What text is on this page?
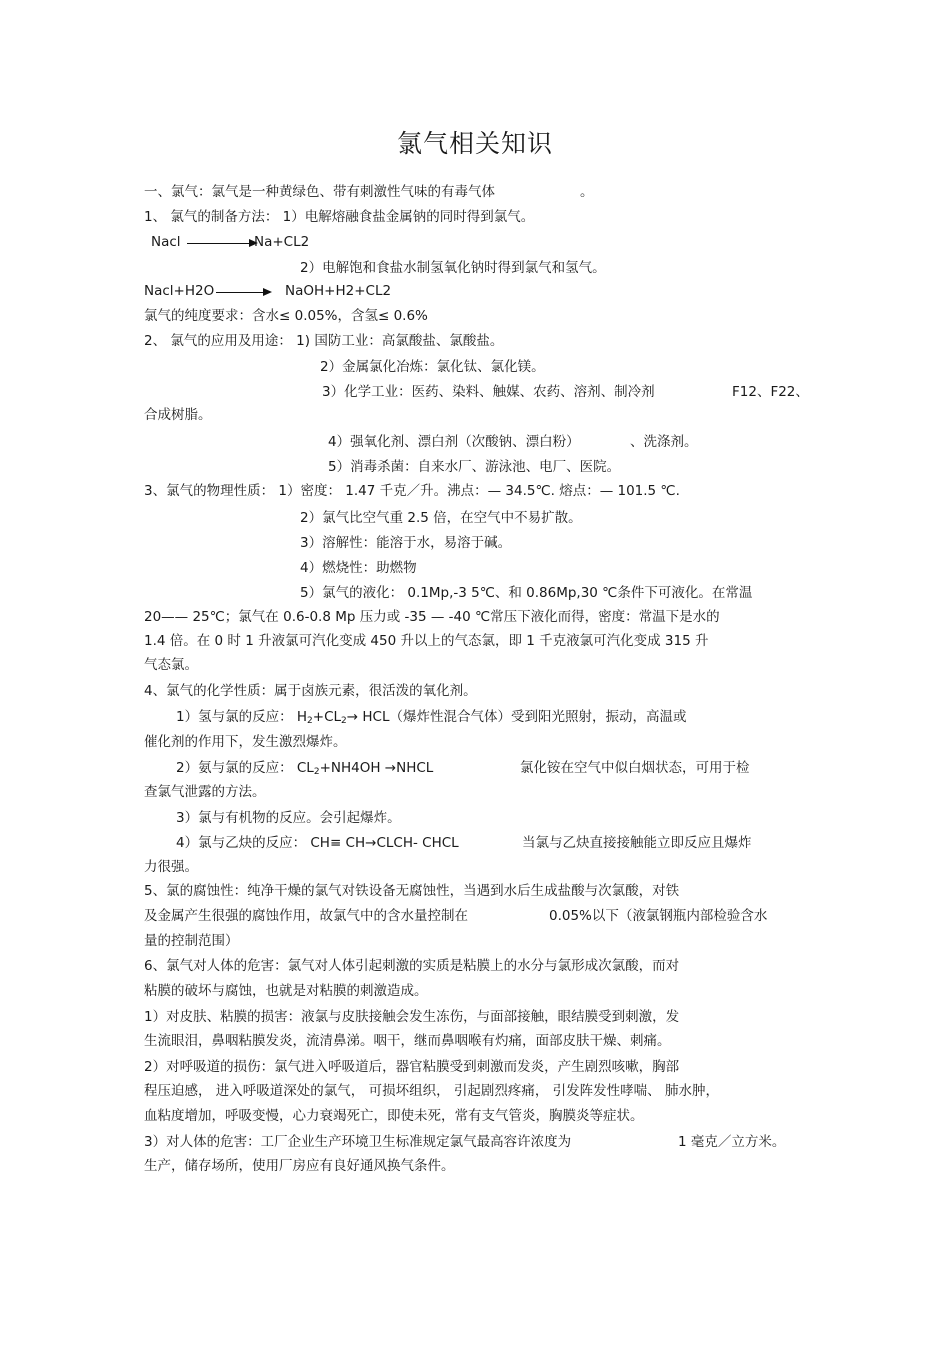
氯气相关知识
一、氯气：氯气是一种黄绿色、带有刺激性气味的有毒气体	。
1、 氯气的制备方法： 1）电解熔融食盐金属钠的同时得到氯气。
Nacl	Na+CL2
2）电解饱和食盐水制氢氧化钠时得到氯气和氢气。
Nacl+H2O → NaOH+H2+CL2
氯气的纯度要求：含水≤ 0.05%，含氢≤ 0.6%
2、 氯气的应用及用途： 1) 国防工业：高氯酸盐、氯酸盐。
2）金属氯化冶炼：氯化钛、氯化镁。
3）化学工业：医药、染料、触媒、农药、溶剂、制冷剂	F12、F22、
合成树脂。
4）强氧化剂、漂白剂（次酸钠、漂白粉）	、洗涤剂。
5）消毒杀菌：自来水厂、游泳池、电厂、医院。
3、氯气的物理性质： 1）密度： 1.47 千克／升。沸点：— 34.5℃. 熔点：— 101.5 ℃.
2）氯气比空气重 2.5 倍，在空气中不易扩散。
3）溶解性：能溶于水，易溶于碱。
4）燃烧性：助燃物
5）氯气的液化： 0.1Mp,-3 5℃、和 0.86Mp,30 ℃条件下可液化。在常温
20—— 25℃；氯气在 0.6-0.8 Mp 压力或 -35 — -40 ℃常压下液化而得，密度：常温下是水的
1.4 倍。在 0 时 1 升液氯可汽化变成 450 升以上的气态氯，即 1 千克液氯可汽化变成 315 升
气态氯。
4、氯气的化学性质：属于卤族元素，很活泼的氧化剂。
1）氢与氯的反应： $H_2+CL_2\to HCL$（爆炸性混合气体）受到阳光照射，振动，高温或
催化剂的作用下，发生激烈爆炸。
2）氨与氯的反应： $CL_2+NH4OH$ →NHCL	氯化铵在空气中似白烟状态，可用于检
查氯气泄露的方法。
3）氯与有机物的反应。会引起爆炸。
4）氯与乙炔的反应： CH≡ CH→CLCH- CHCL	当氯与乙炔直接接触能立即反应且爆炸
力很强。
5、氯的腐蚀性：纯净干燥的氯气对铁设备无腐蚀性，当遇到水后生成盐酸与次氯酸，对铁
及金属产生很强的腐蚀作用，故氯气中的含水量控制在	0.05%以下（液氯钢瓶内部检验含水
量的控制范围）
6、氯气对人体的危害：氯气对人体引起刺激的实质是粘膜上的水分与氯形成次氯酸，而对
粘膜的破坏与腐蚀，也就是对粘膜的刺激造成。
1）对皮肤、粘膜的损害：液氯与皮肤接触会发生冻伤，与面部接触，眼结膜受到刺激，发
生流眼泪，鼻咽粘膜发炎，流清鼻涕。咽干，继而鼻咽喉有灼痛，面部皮肤干燥、刺痛。
2）对呼吸道的损伤：氯气进入呼吸道后，器官粘膜受到刺激而发炎，产生剧烈咳嗽，胸部
程压迫感， 进入呼吸道深处的氯气， 可损坏组织， 引起剧烈疼痛， 引发阵发性哮喘、 肺水肿，
血粘度增加，呼吸变慢，心力衰竭死亡，即使未死，常有支气管炎，胸膜炎等症状。
3）对人体的危害：工厂企业生产环境卫生标准规定氯气最高容许浓度为	1 毫克／立方米。
生产，储存场所，使用厂房应有良好通风换气条件。
